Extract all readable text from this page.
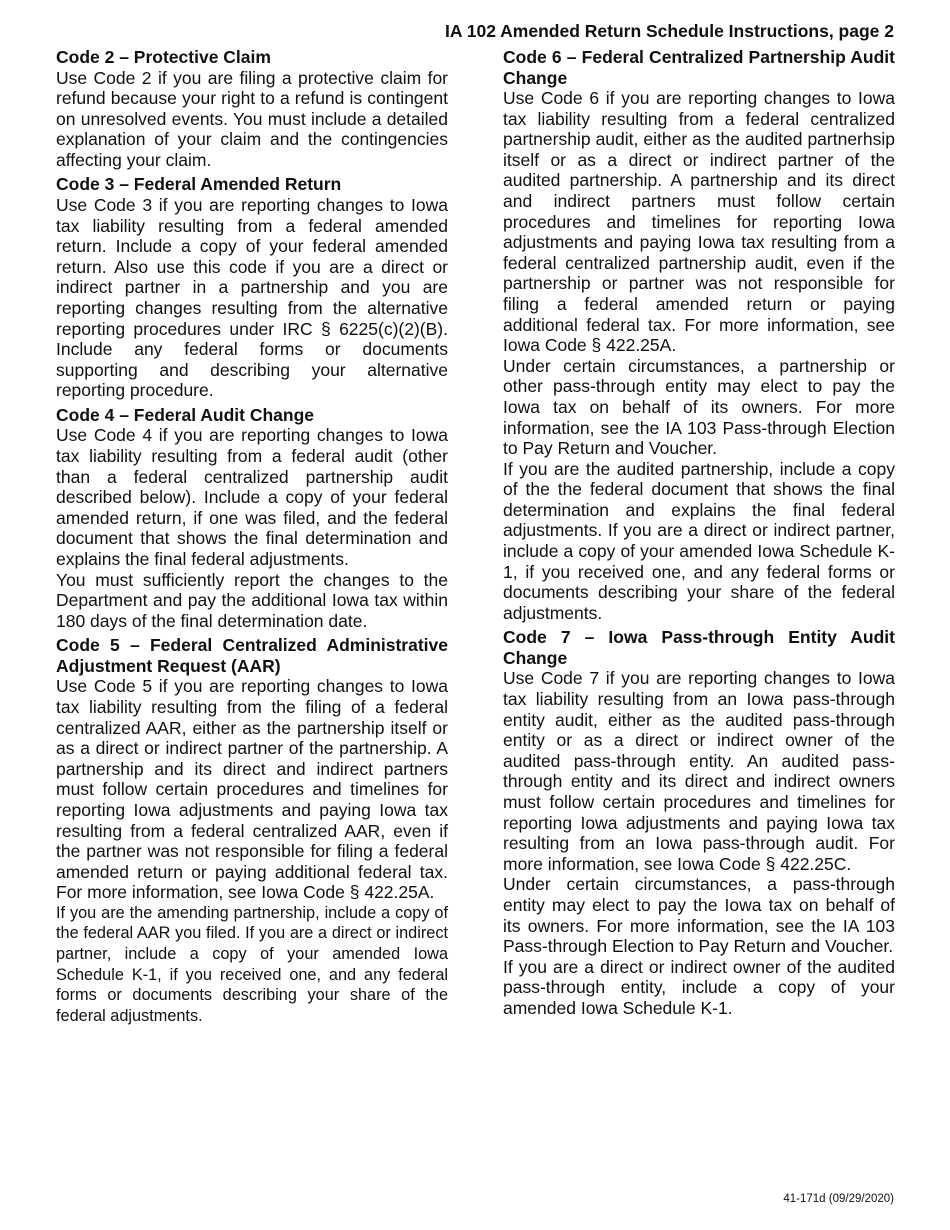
IA 102 Amended Return Schedule Instructions, page 2

Code 2 – Protective Claim

Use Code 2 if you are filing a protective claim for refund because your right to a refund is contingent on unresolved events. You must include a detailed explanation of your claim and the contingencies affecting your claim.

Code 3 – Federal Amended Return

Use Code 3 if you are reporting changes to Iowa tax liability resulting from a federal amended return. Include a copy of your federal amended return. Also use this code if you are a direct or indirect partner in a partnership and you are reporting changes resulting from the alternative reporting procedures under IRC § 6225(c)(2)(B). Include any federal forms or documents supporting and describing your alternative reporting procedure.

Code 4 – Federal Audit Change

Use Code 4 if you are reporting changes to Iowa tax liability resulting from a federal audit (other than a federal centralized partnership audit described below). Include a copy of your federal amended return, if one was filed, and the federal document that shows the final determination and explains the final federal adjustments.

You must sufficiently report the changes to the Department and pay the additional Iowa tax within 180 days of the final determination date.

Code 5 – Federal Centralized Administrative Adjustment Request (AAR)

Use Code 5 if you are reporting changes to Iowa tax liability resulting from the filing of a federal centralized AAR, either as the partnership itself or as a direct or indirect partner of the partnership. A partnership and its direct and indirect partners must follow certain procedures and timelines for reporting Iowa adjustments and paying Iowa tax resulting from a federal centralized AAR, even if the partner was not responsible for filing a federal amended return or paying additional federal tax. For more information, see Iowa Code § 422.25A.

If you are the amending partnership, include a copy of the federal AAR you filed. If you are a direct or indirect partner, include a copy of your amended Iowa Schedule K-1, if you received one, and any federal forms or documents describing your share of the federal adjustments.

Code 6 – Federal Centralized Partnership Audit Change

Use Code 6 if you are reporting changes to Iowa tax liability resulting from a federal centralized partnership audit, either as the audited partnerhsip itself or as a direct or indirect partner of the audited partnership. A partnership and its direct and indirect partners must follow certain procedures and timelines for reporting Iowa adjustments and paying Iowa tax resulting from a federal centralized partnership audit, even if the partnership or partner was not responsible for filing a federal amended return or paying additional federal tax. For more information, see Iowa Code § 422.25A.

Under certain circumstances, a partnership or other pass-through entity may elect to pay the Iowa tax on behalf of its owners. For more information, see the IA 103 Pass-through Election to Pay Return and Voucher.

If you are the audited partnership, include a copy of the the federal document that shows the final determination and explains the final federal adjustments. If you are a direct or indirect partner, include a copy of your amended Iowa Schedule K-1, if you received one, and any federal forms or documents describing your share of the federal adjustments.

Code 7 – Iowa Pass-through Entity Audit Change

Use Code 7 if you are reporting changes to Iowa tax liability resulting from an Iowa pass-through entity audit, either as the audited pass-through entity or as a direct or indirect owner of the audited pass-through entity. An audited pass-through entity and its direct and indirect owners must follow certain procedures and timelines for reporting Iowa adjustments and paying Iowa tax resulting from an Iowa pass-through audit. For more information, see Iowa Code § 422.25C.

Under certain circumstances, a pass-through entity may elect to pay the Iowa tax on behalf of its owners. For more information, see the IA 103 Pass-through Election to Pay Return and Voucher.

If you are a direct or indirect owner of the audited pass-through entity, include a copy of your amended Iowa Schedule K-1.

41-171d (09/29/2020)
